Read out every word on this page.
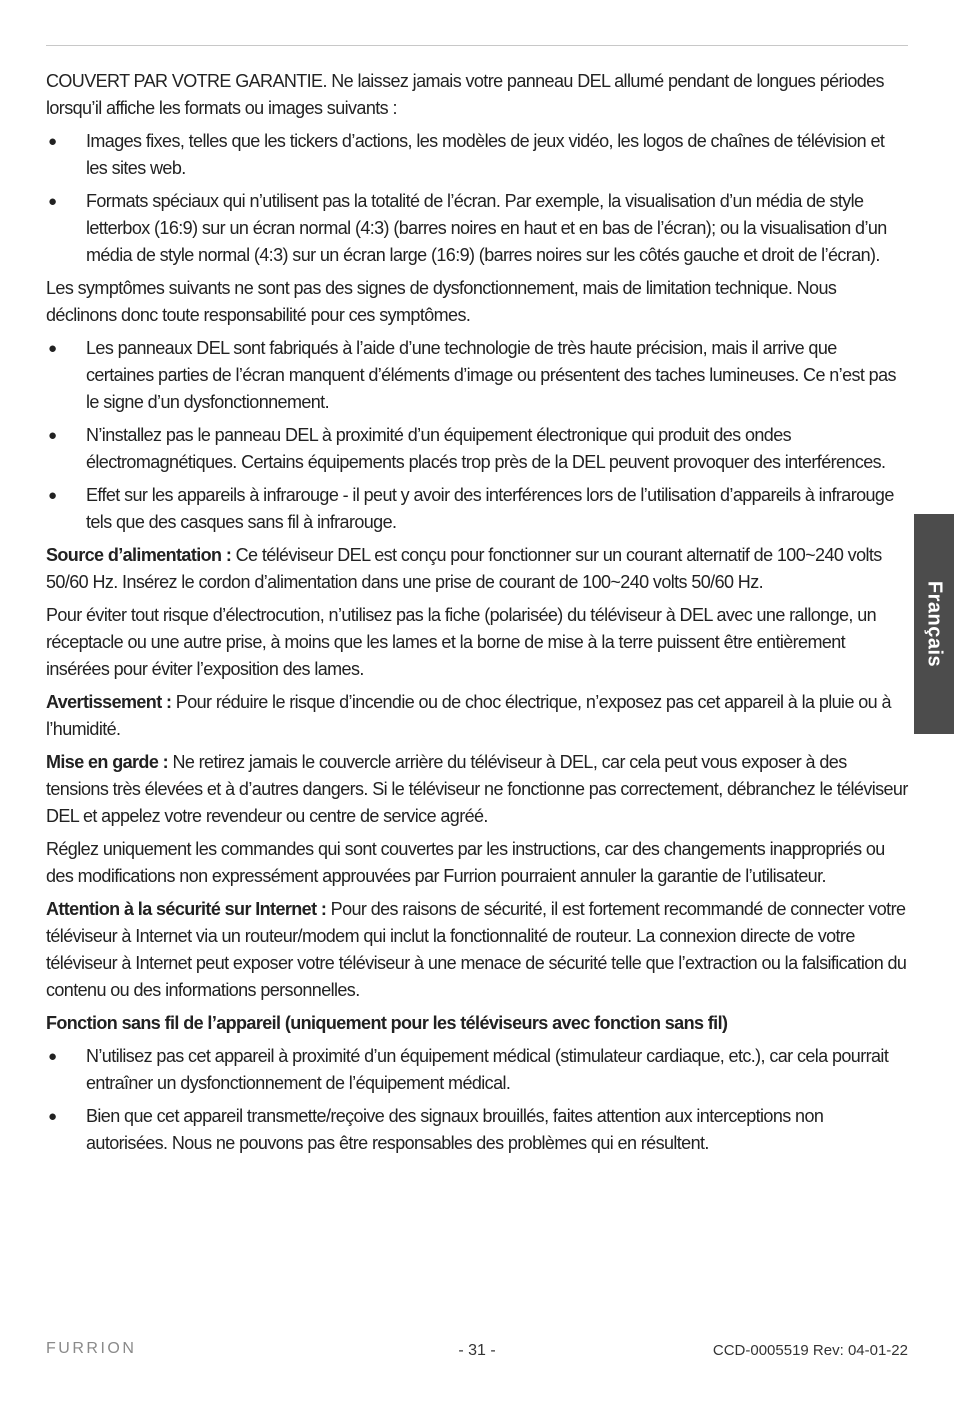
COUVERT PAR VOTRE GARANTIE. Ne laissez jamais votre panneau DEL allumé pendant de longues périodes lorsqu’il affiche les formats ou images suivants :

● Images fixes, telles que les tickers d’actions, les modèles de jeux vidéo, les logos de chaînes de télévision et les sites web.
● Formats spéciaux qui n’utilisent pas la totalité de l’écran. Par exemple, la visualisation d’un média de style letterbox (16:9) sur un écran normal (4:3) (barres noires en haut et en bas de l’écran); ou la visualisation d’un média de style normal (4:3) sur un écran large (16:9) (barres noires sur les côtés gauche et droit de l’écran).

Les symptômes suivants ne sont pas des signes de dysfonctionnement, mais de limitation technique. Nous déclinons donc toute responsabilité pour ces symptômes.

● Les panneaux DEL sont fabriqués à l’aide d’une technologie de très haute précision, mais il arrive que certaines parties de l’écran manquent d’éléments d’image ou présentent des taches lumineuses. Ce n’est pas le signe d’un dysfonctionnement.
● N’installez pas le panneau DEL à proximité d’un équipement électronique qui produit des ondes électromagnétiques. Certains équipements placés trop près de la DEL peuvent provoquer des interférences.
● Effet sur les appareils à infrarouge - il peut y avoir des interférences lors de l’utilisation d’appareils à infrarouge tels que des casques sans fil à infrarouge.

Source d’alimentation : Ce téléviseur DEL est conçu pour fonctionner sur un courant alternatif de 100~240 volts 50/60 Hz. Insérez le cordon d’alimentation dans une prise de courant de 100~240 volts 50/60 Hz.

Pour éviter tout risque d’électrocution, n’utilisez pas la fiche (polarisée) du téléviseur à DEL avec une rallonge, un réceptacle ou une autre prise, à moins que les lames et la borne de mise à la terre puissent être entièrement insérées pour éviter l’exposition des lames.

Avertissement : Pour réduire le risque d’incendie ou de choc électrique, n’exposez pas cet appareil à la pluie ou à l’humidité.

Mise en garde : Ne retirez jamais le couvercle arrière du téléviseur à DEL, car cela peut vous exposer à des tensions très élevées et à d’autres dangers. Si le téléviseur ne fonctionne pas correctement, débranchez le téléviseur DEL et appelez votre revendeur ou centre de service agréé.

Réglez uniquement les commandes qui sont couvertes par les instructions, car des changements inappropriés ou des modifications non expressément approuvées par Furrion pourraient annuler la garantie de l’utilisateur.

Attention à la sécurité sur Internet : Pour des raisons de sécurité, il est fortement recommandé de connecter votre téléviseur à Internet via un routeur/modem qui inclut la fonctionnalité de routeur. La connexion directe de votre téléviseur à Internet peut exposer votre téléviseur à une menace de sécurité telle que l’extraction ou la falsification du contenu ou des informations personnelles.

Fonction sans fil de l’appareil (uniquement pour les téléviseurs avec fonction sans fil)

● N’utilisez pas cet appareil à proximité d’un équipement médical (stimulateur cardiaque, etc.), car cela pourrait entraîner un dysfonctionnement de l’équipement médical.
● Bien que cet appareil transmette/reçoive des signaux brouillés, faites attention aux interceptions non autorisées. Nous ne pouvons pas être responsables des problèmes qui en résultent.
Français
FURRION	- 31 -	CCD-0005519 Rev: 04-01-22
